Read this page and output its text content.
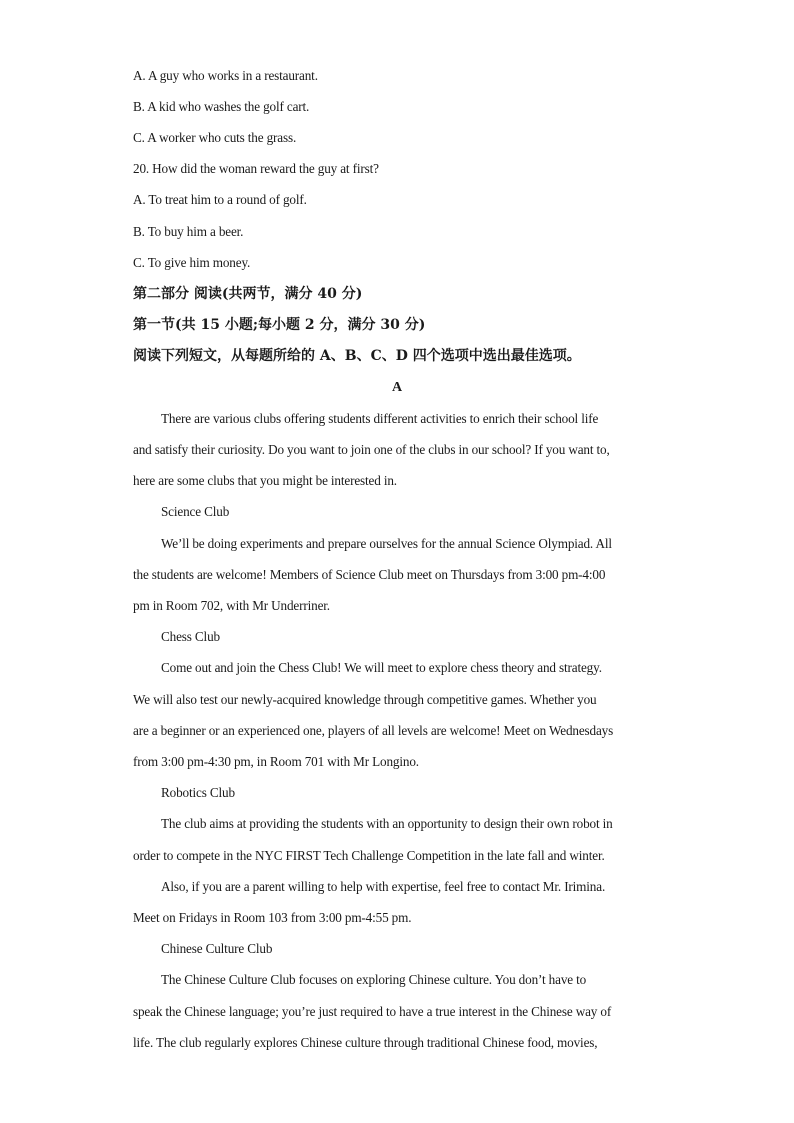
A. A guy who works in a restaurant.
B. A kid who washes the golf cart.
C. A worker who cuts the grass.
20. How did the woman reward the guy at first?
A. To treat him to a round of golf.
B. To buy him a beer.
C. To give him money.
第二部分 阅读(共两节，满分 40 分)
第一节(共 15 小题;每小题 2 分，满分 30 分)
阅读下列短文，从每题所给的 A、B、C、D 四个选项中选出最佳选项。
A
There are various clubs offering students different activities to enrich their school life
and satisfy their curiosity. Do you want to join one of the clubs in our school? If you want to,
here are some clubs that you might be interested in.
Science Club
We’ll be doing experiments and prepare ourselves for the annual Science Olympiad. All
the students are welcome! Members of Science Club meet on Thursdays from 3:00 pm-4:00
pm in Room 702, with Mr Underriner.
Chess Club
Come out and join the Chess Club! We will meet to explore chess theory and strategy.
We will also test our newly-acquired knowledge through competitive games. Whether you
are a beginner or an experienced one, players of all levels are welcome! Meet on Wednesdays
from 3:00 pm-4:30 pm, in Room 701 with Mr Longino.
Robotics Club
The club aims at providing the students with an opportunity to design their own robot in
order to compete in the NYC FIRST Tech Challenge Competition in the late fall and winter.
Also, if you are a parent willing to help with expertise, feel free to contact Mr. Irimina.
Meet on Fridays in Room 103 from 3:00 pm-4:55 pm.
Chinese Culture Club
The Chinese Culture Club focuses on exploring Chinese culture. You don’t have to
speak the Chinese language; you’re just required to have a true interest in the Chinese way of
life. The club regularly explores Chinese culture through traditional Chinese food, movies,
